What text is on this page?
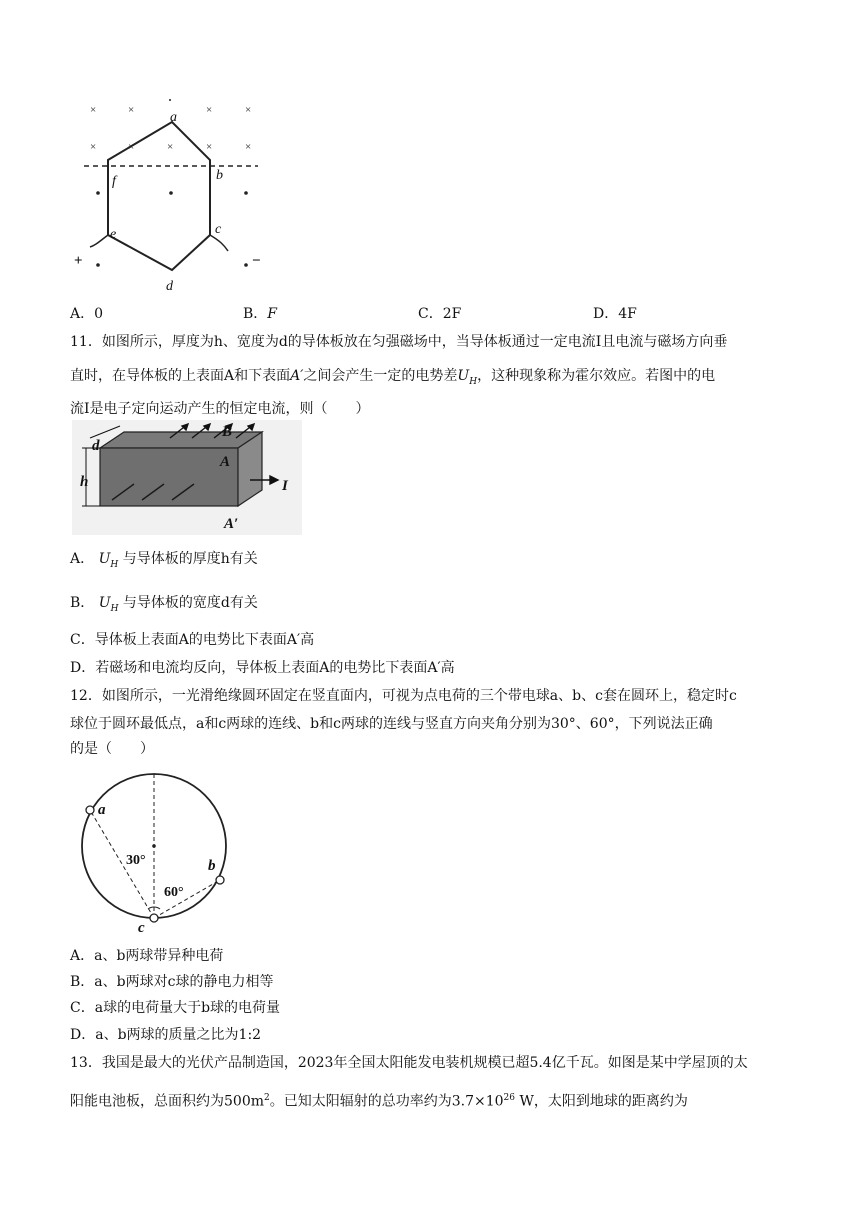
×	×	×	×
×	×	×	×	×
a
b
c
d
e
f
+	−
A．0	B．F	C．2F	D．4F
11．如图所示，厚度为h、宽度为d的导体板放在匀强磁场中，当导体板通过一定电流I且电流与磁场方向垂
直时，在导体板的上表面A和下表面A′之间会产生一定的电势差$U_H$，这种现象称为霍尔效应。若图中的电
流I是电子定向运动产生的恒定电流，则（　　）
d
h
B
A
I
A′
A． $U_H$ 与导体板的厚度h有关
B． $U_H$ 与导体板的宽度d有关
C．导体板上表面A的电势比下表面A′高
D．若磁场和电流均反向，导体板上表面A的电势比下表面A′高
12．如图所示，一光滑绝缘圆环固定在竖直面内，可视为点电荷的三个带电球a、b、c套在圆环上，稳定时c
球位于圆环最低点，a和c两球的连线、b和c两球的连线与竖直方向夹角分别为30°、60°，下列说法正确
的是（　　）
a
b
c
30°
60°
A．a、b两球带异种电荷
B．a、b两球对c球的静电力相等
C．a球的电荷量大于b球的电荷量
D．a、b两球的质量之比为1:2
13．我国是最大的光伏产品制造国，2023年全国太阳能发电装机规模已超5.4亿千瓦。如图是某中学屋顶的太
阳能电池板，总面积约为$500m^2$。已知太阳辐射的总功率约为$3.7\times 10^{26}$ W，太阳到地球的距离约为
